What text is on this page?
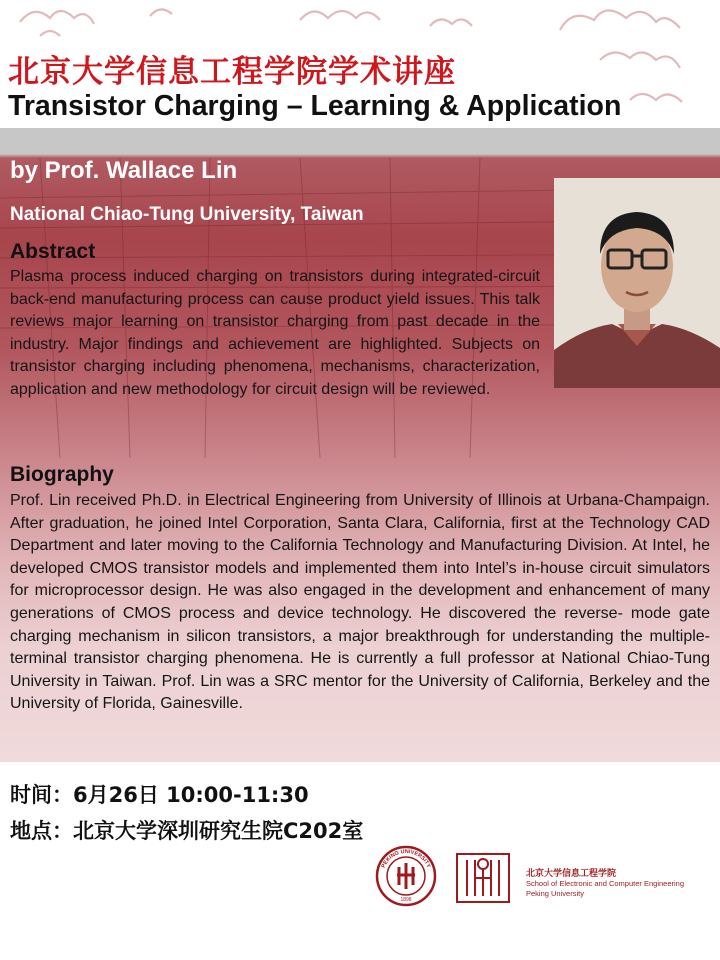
北京大学信息工程学院学术讲座
Transistor Charging – Learning & Application

by Prof. Wallace Lin

National Chiao-Tung University, Taiwan

Abstract

Plasma process induced charging on transistors during integrated-circuit back-end manufacturing process can cause product yield issues. This talk reviews major learning on transistor charging from past decade in the industry. Major findings and achievement are highlighted. Subjects on transistor charging including phenomena, mechanisms, characterization, application and new methodology for circuit design will be reviewed.

Biography

Prof. Lin received Ph.D. in Electrical Engineering from University of Illinois at Urbana-Champaign. After graduation, he joined Intel Corporation, Santa Clara, California, first at the Technology CAD Department and later moving to the California Technology and Manufacturing Division. At Intel, he developed CMOS transistor models and implemented them into Intel’s in-house circuit simulators for microprocessor design. He was also engaged in the development and enhancement of many generations of CMOS process and device technology. He discovered the reverse- mode gate charging mechanism in silicon transistors, a major breakthrough for understanding the multiple-terminal transistor charging phenomena. He is currently a full professor at National Chiao-Tung University in Taiwan. Prof. Lin was a SRC mentor for the University of California, Berkeley and the University of Florida, Gainesville.

时间：6月26日 10:00-11:30

地点：北京大学深圳研究生院C202室

PEKING UNIVERSITY
1898
北京大学信息工程学院
School of Electronic and Computer Engineering
Peking University
